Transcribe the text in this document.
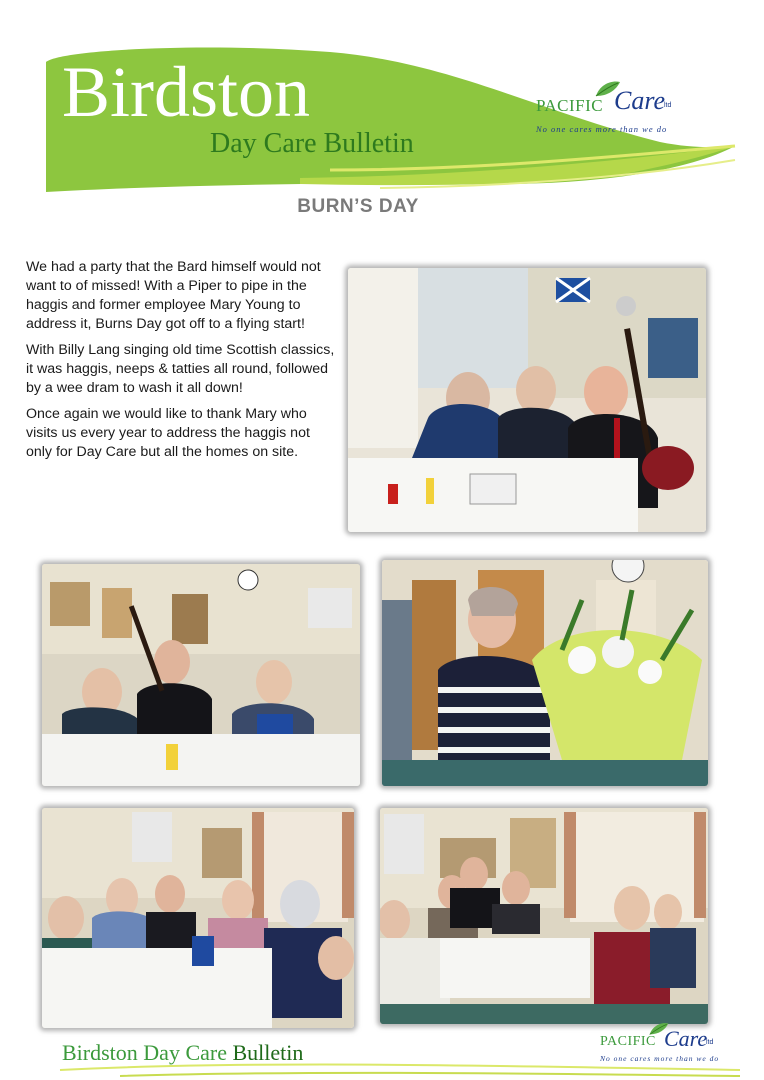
Birdston
Day Care Bulletin
PACIFIC Care
ltd
No one cares more than we do
BURN’S DAY

We had a party that the Bard himself would not want to of missed! With a Piper to pipe in the haggis and former employee Mary Young to address it, Burns Day got off to a flying start!

With Billy Lang singing old time Scottish classics, it was haggis, neeps & tatties all round, followed by a wee dram to wash it all down!

Once again we would like to thank Mary who visits us every year to address the haggis not only for Day Care but all the homes on site.

Birdston Day Care Bulletin	PACIFIC Care
ltd
No one cares more than we do
